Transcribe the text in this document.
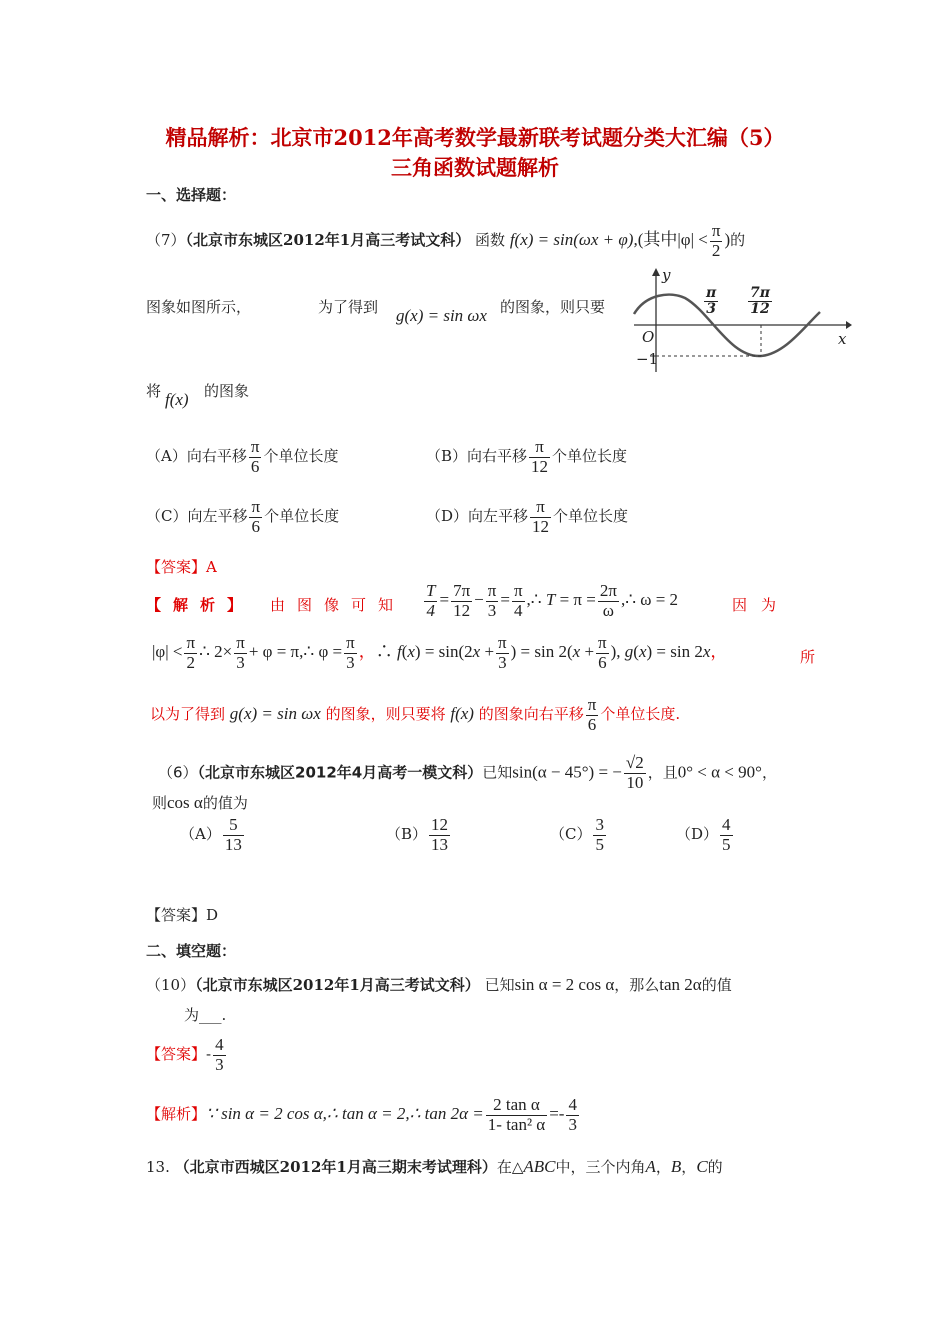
精品解析：北京市2012年高考数学最新联考试题分类大汇编（5）
三角函数试题解析
一、选择题：
（7）（北京市东城区2012年1月高三考试文科） 函数 f(x) = sin(ωx + φ),(其中$|\varphi| < \frac{\pi}{2}$ )的
图象如图所示，	为了得到 g(x) = sin ωx 的图象，则只要
y
x
O
−1
$\frac{\pi}{3} \frac{7\pi}{12}$
将 f(x) 的图象
（A）向右平移 $\frac{\pi}{6}$ 个单位长度	（B）向右平移 $\frac{\pi}{12}$ 个单位长度
（C）向左平移 $\frac{\pi}{6}$ 个单位长度	（D）向左平移 $\frac{\pi}{12}$ 个单位长度
【答案】A
【解析】 由图像可知 $\frac{T}{4} = \frac{7\pi}{12} - \frac{\pi}{3} = \frac{\pi}{4}$ ,∴ $T = \pi = \frac{2\pi}{\omega}$ ,∴ ω = 2	因为
$|\varphi| < \frac{\pi}{2}$ ∴ $2\times \frac{\pi}{3} + \varphi$ = π,∴ $\varphi = \frac{\pi}{3}$ ，∴ $f(x) = \sin(2x + \frac{\pi}{3}$ ) = $\sin 2(x + \frac{\pi}{6}$ ), g(x) = sin 2x，	所
以为了得到 g(x) = sin ωx 的图象，则只要将 f(x) 的图象向右平移 $\frac{\pi}{6}$ 个单位长度.
（6）（北京市东城区2012年4月高考一模文科）已知sin(α − 45°) = − $\frac{√2}{10}$ ，且0° < α < 90°，
则cos α的值为
$(A) \frac{5}{13}$	$(B) \frac{12}{13}$	$(C) \frac{3}{5}$	$(D) \frac{4}{5}$
【答案】D
二、填空题：
（10）（北京市东城区2012年1月高三考试文科） 已知sin α = 2 cos α，那么tan 2α的值
为___.
【答案】- $\frac{4}{3}$
【解析】∵ sin α = 2 cos α,∴ tan α = 2,∴ $\tan 2\alpha = \frac{\text{2 tan α}}{\text{1- tan² α}} =- \frac{4}{3}$
13. （北京市西城区2012年1月高三期末考试理科）在△ABC中，三个内角A，B，C的
